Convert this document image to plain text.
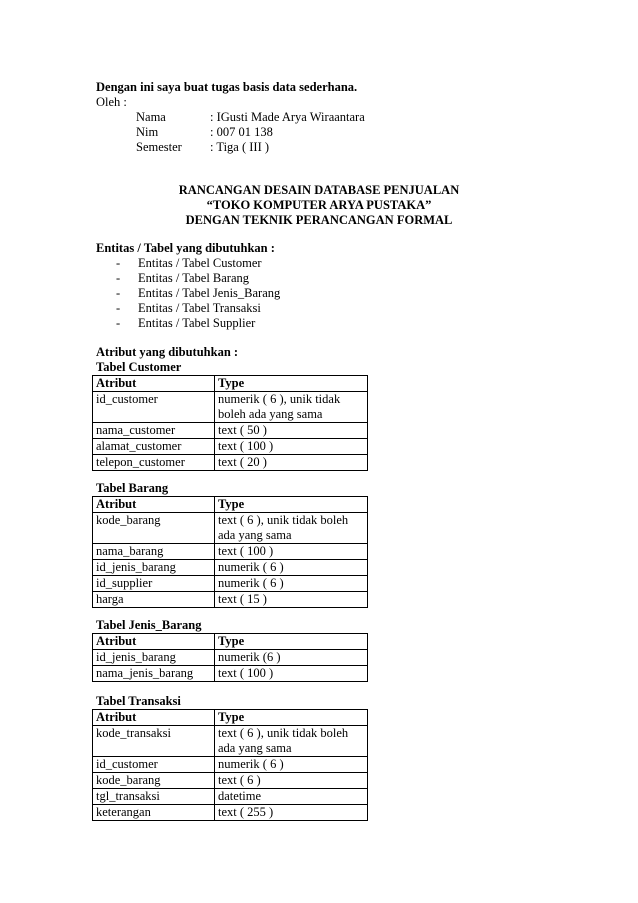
Dengan ini saya buat tugas basis data sederhana.
Oleh :
Nama	: IGusti Made Arya Wiraantara
Nim	: 007 01 138
Semester : Tiga ( III )
RANCANGAN DESAIN DATABASE PENJUALAN
“TOKO KOMPUTER ARYA PUSTAKA”
DENGAN TEKNIK PERANCANGAN FORMAL
Entitas / Tabel yang dibutuhkan :
- Entitas / Tabel Customer
- Entitas / Tabel Barang
- Entitas / Tabel Jenis_Barang
- Entitas / Tabel Transaksi
- Entitas / Tabel Supplier
Atribut yang dibutuhkan :
Tabel Customer
Atribut	Type
id_customer	numerik ( 6 ), unik tidak boleh ada yang sama
nama_customer	text ( 50 )
alamat_customer	text ( 100 )
telepon_customer	text ( 20 )
Tabel Barang
Atribut	Type
kode_barang	text ( 6 ), unik tidak boleh ada yang sama
nama_barang	text ( 100 )
id_jenis_barang	numerik ( 6 )
id_supplier	numerik ( 6 )
harga	text ( 15 )
Tabel Jenis_Barang
Atribut	Type
id_jenis_barang	numerik (6 )
nama_jenis_barang	text ( 100 )
Tabel Transaksi
Atribut	Type
kode_transaksi	text ( 6 ), unik tidak boleh ada yang sama
id_customer	numerik ( 6 )
kode_barang	text ( 6 )
tgl_transaksi	datetime
keterangan	text ( 255 )
